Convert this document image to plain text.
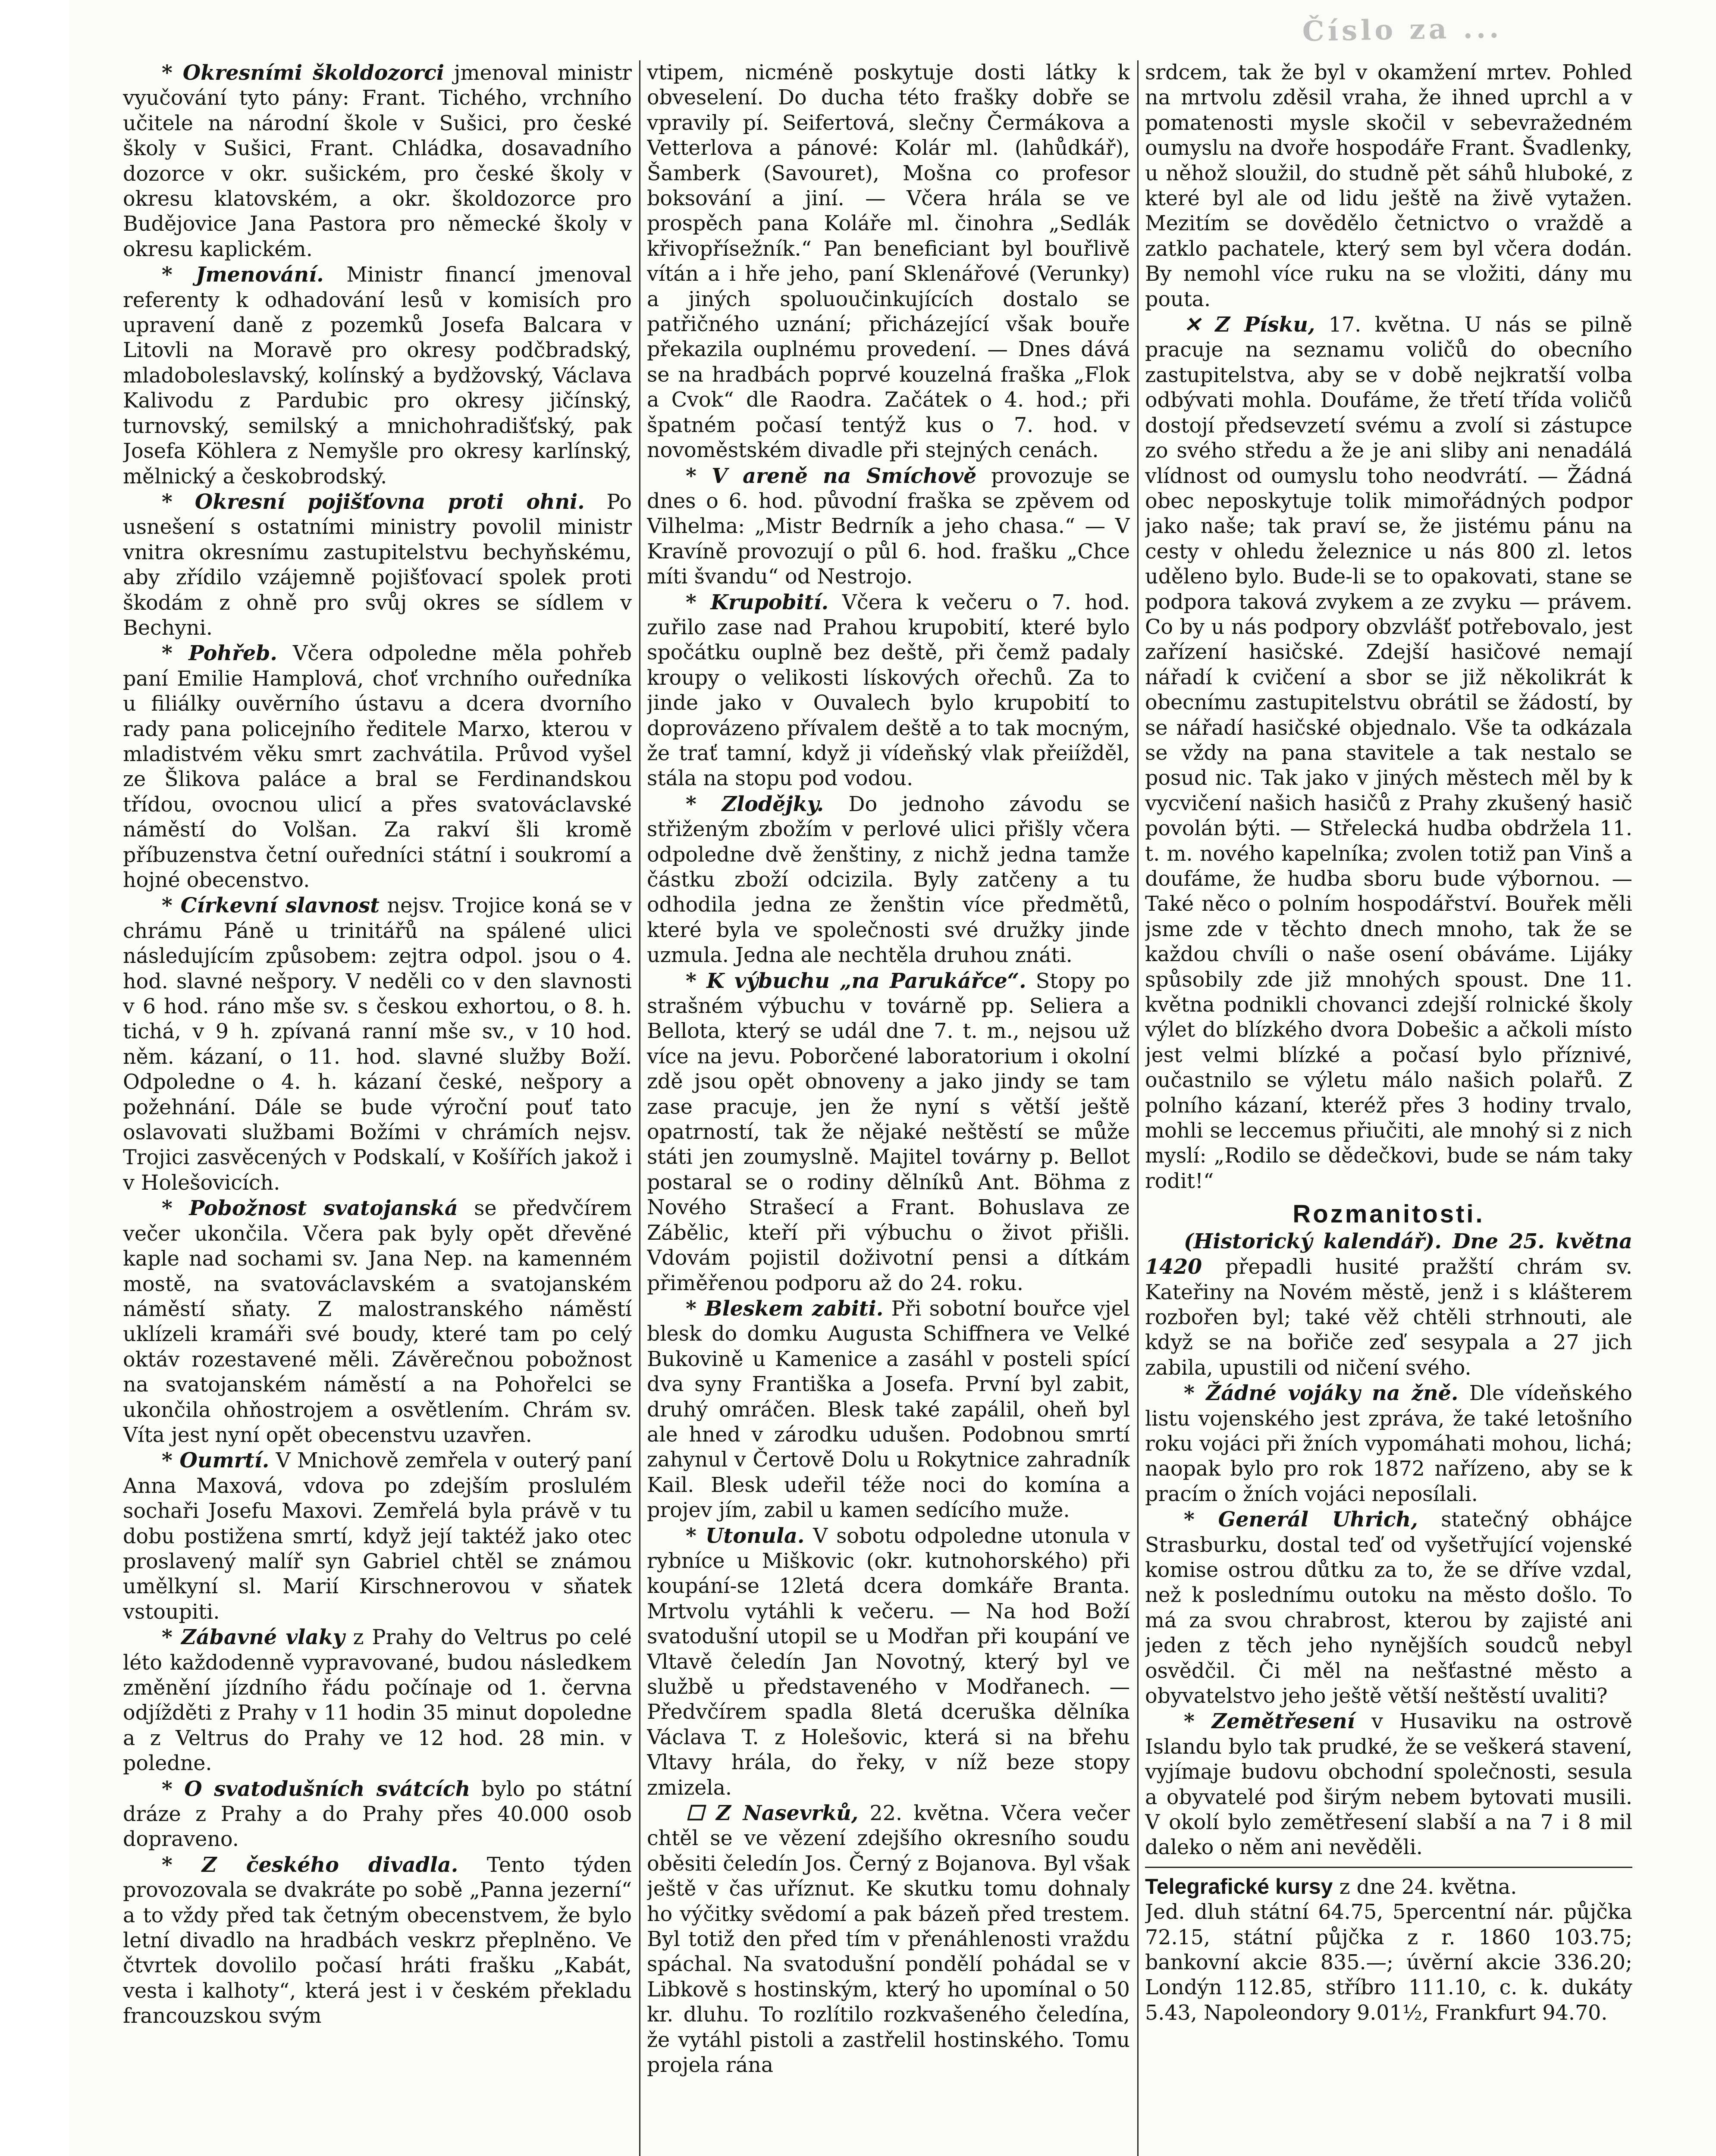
Číslo za ...

* Okresními školdozorci jmenoval ministr vyučování tyto pány: Frant. Tichého, vrchního učitele na národní škole v Sušici, pro české školy v Sušici, Frant. Chládka, dosavadního dozorce v okr. sušickém, pro české školy v okresu klatovském, a okr. školdozorce pro Budějovice Jana Pastora pro německé školy v okresu kaplickém.

* Jmenování. Ministr financí jmenoval referenty k odhadování lesů v komisích pro upravení daně z pozemků Josefa Balcara v Litovli na Moravě pro okresy podčbradský, mladoboleslavský, kolínský a bydžovský, Václava Kalivodu z Pardubic pro okresy jičínský, turnovský, semilský a mnichohradišťský, pak Josefa Köhlera z Nemyšle pro okresy karlínský, mělnický a českobrodský.

* Okresní pojišťovna proti ohni. Po usnešení s ostatními ministry povolil ministr vnitra okresnímu zastupitelstvu bechyňskému, aby zřídilo vzájemně pojišťovací spolek proti škodám z ohně pro svůj okres se sídlem v Bechyni.

* Pohřeb. Včera odpoledne měla pohřeb paní Emilie Hamplová, choť vrchního ouředníka u filiálky ouvěrního ústavu a dcera dvorního rady pana policejního ředitele Marxo, kterou v mladistvém věku smrt zachvátila. Průvod vyšel ze Šlikova paláce a bral se Ferdinandskou třídou, ovocnou ulicí a přes svatováclavské náměstí do Volšan. Za rakví šli kromě příbuzenstva četní ouředníci státní i soukromí a hojné obecenstvo.

* Církevní slavnost nejsv. Trojice koná se v chrámu Páně u trinitářů na spálené ulici následujícím způsobem: zejtra odpol. jsou o 4. hod. slavné nešpory. V neděli co v den slavnosti v 6 hod. ráno mše sv. s českou exhortou, o 8. h. tichá, v 9 h. zpívaná ranní mše sv., v 10 hod. něm. kázaní, o 11. hod. slavné služby Boží. Odpoledne o 4. h. kázaní české, nešpory a požehnání. Dále se bude výroční pouť tato oslavovati službami Božími v chrámích nejsv. Trojici zasvěcených v Podskalí, v Košířích jakož i v Holešovicích.

* Pobožnost svatojanská se předvčírem večer ukončila. Včera pak byly opět dřevěné kaple nad sochami sv. Jana Nep. na kamenném mostě, na svatováclavském a svatojanském náměstí sňaty. Z malostranského náměstí uklízeli kramáři své boudy, které tam po celý oktáv rozestavené měli. Závěrečnou pobožnost na svatojanském náměstí a na Pohořelci se ukončila ohňostrojem a osvětlením. Chrám sv. Víta jest nyní opět obecenstvu uzavřen.

* Oumrtí. V Mnichově zemřela v outerý paní Anna Maxová, vdova po zdejším proslulém sochaři Josefu Maxovi. Zemřelá byla právě v tu dobu postižena smrtí, když její taktéž jako otec proslavený malíř syn Gabriel chtěl se známou umělkyní sl. Marií Kirschnerovou v sňatek vstoupiti.

* Zábavné vlaky z Prahy do Veltrus po celé léto každodenně vypravované, budou následkem změnění jízdního řádu počínaje od 1. června odjížděti z Prahy v 11 hodin 35 minut dopoledne a z Veltrus do Prahy ve 12 hod. 28 min. v poledne.

* O svatodušních svátcích bylo po státní dráze z Prahy a do Prahy přes 40.000 osob dopraveno.

* Z českého divadla. Tento týden provozovala se dvakráte po sobě „Panna jezerní“ a to vždy před tak četným obecenstvem, že bylo letní divadlo na hradbách veskrz přeplněno. Ve čtvrtek dovolilo počasí hráti frašku „Kabát, vesta i kalhoty“, která jest i v českém překladu francouzskou svým

vtipem, nicméně poskytuje dosti látky k obveselení. Do ducha této frašky dobře se vpravily pí. Seifertová, slečny Čermákova a Vetterlova a pánové: Kolár ml. (lahůdkář), Šamberk (Savouret), Mošna co profesor boksování a jiní. — Včera hrála se ve prospěch pana Koláře ml. činohra „Sedlák křivopřísežník.“ Pan beneficiant byl bouřlivě vítán a i hře jeho, paní Sklenářové (Verunky) a jiných spoluoučinkujících dostalo se patřičného uznání; přicházející však bouře překazila ouplnému provedení. — Dnes dává se na hradbách poprvé kouzelná fraška „Flok a Cvok“ dle Raodra. Začátek o 4. hod.; při špatném počasí tentýž kus o 7. hod. v novoměstském divadle při stejných cenách.

* V areně na Smíchově provozuje se dnes o 6. hod. původní fraška se zpěvem od Vilhelma: „Mistr Bedrník a jeho chasa.“ — V Kravíně provozují o půl 6. hod. frašku „Chce míti švandu“ od Nestrojo.

* Krupobití. Včera k večeru o 7. hod. zuřilo zase nad Prahou krupobití, které bylo spočátku ouplně bez deště, při čemž padaly kroupy o velikosti lískových ořechů. Za to jinde jako v Ouvalech bylo krupobití to doprovázeno přívalem deště a to tak mocným, že trať tamní, když ji vídeňský vlak přeiížděl, stála na stopu pod vodou.

* Zlodějky. Do jednoho závodu se střiženým zbožím v perlové ulici přišly včera odpoledne dvě ženštiny, z nichž jedna tamže částku zboží odcizila. Byly zatčeny a tu odhodila jedna ze ženštin více předmětů, které byla ve společnosti své družky jinde uzmula. Jedna ale nechtěla druhou znáti.

* K výbuchu „na Parukářce“. Stopy po strašném výbuchu v továrně pp. Seliera a Bellota, který se udál dne 7. t. m., nejsou už více na jevu. Poborčené laboratorium i okolní zdě jsou opět obnoveny a jako jindy se tam zase pracuje, jen že nyní s větší ještě opatrností, tak že nějaké neštěstí se může státi jen zoumyslně. Majitel továrny p. Bellot postaral se o rodiny dělníků Ant. Böhma z Nového Strašecí a Frant. Bohuslava ze Zábělic, kteří při výbuchu o život přišli. Vdovám pojistil doživotní pensi a dítkám přiměřenou podporu až do 24. roku.

* Bleskem zabiti. Při sobotní bouřce vjel blesk do domku Augusta Schiffnera ve Velké Bukovině u Kamenice a zasáhl v posteli spící dva syny Františka a Josefa. První byl zabit, druhý omráčen. Blesk také zapálil, oheň byl ale hned v zárodku udušen. Podobnou smrtí zahynul v Čertově Dolu u Rokytnice zahradník Kail. Blesk udeřil téže noci do komína a projev jím, zabil u kamen sedícího muže.

* Utonula. V sobotu odpoledne utonula v rybníce u Miškovic (okr. kutnohorského) při koupání-se 12letá dcera domkáře Branta. Mrtvolu vytáhli k večeru. — Na hod Boží svatodušní utopil se u Modřan při koupání ve Vltavě čeledín Jan Novotný, který byl ve službě u představeného v Modřanech. — Předvčírem spadla 8letá dceruška dělníka Václava T. z Holešovic, která si na břehu Vltavy hrála, do řeky, v níž beze stopy zmizela.

☐ Z Nasevrků, 22. května. Včera večer chtěl se ve vězení zdejšího okresního soudu oběsiti čeledín Jos. Černý z Bojanova. Byl však ještě v čas uříznut. Ke skutku tomu dohnaly ho výčitky svědomí a pak bázeň před trestem. Byl totiž den před tím v přenáhlenosti vraždu spáchal. Na svatodušní pondělí pohádal se v Libkově s hostinským, který ho upomínal o 50 kr. dluhu. To rozlítilo rozkvašeného čeledína, že vytáhl pistoli a zastřelil hostinského. Tomu projela rána

srdcem, tak že byl v okamžení mrtev. Pohled na mrtvolu zděsil vraha, že ihned uprchl a v pomatenosti mysle skočil v sebevražedném oumyslu na dvoře hospodáře Frant. Švadlenky, u něhož sloužil, do studně pět sáhů hluboké, z které byl ale od lidu ještě na živě vytažen. Mezitím se dovědělo četnictvo o vraždě a zatklo pachatele, který sem byl včera dodán. By nemohl více ruku na se vložiti, dány mu pouta.

✕ Z Písku, 17. května. U nás se pilně pracuje na seznamu voličů do obecního zastupitelstva, aby se v době nejkratší volba odbývati mohla. Doufáme, že třetí třída voličů dostojí předsevzetí svému a zvolí si zástupce zo svého středu a že je ani sliby ani nenadálá vlídnost od oumyslu toho neodvrátí. — Žádná obec neposkytuje tolik mimořádných podpor jako naše; tak praví se, že jistému pánu na cesty v ohledu železnice u nás 800 zl. letos uděleno bylo. Bude-li se to opakovati, stane se podpora taková zvykem a ze zvyku — právem. Co by u nás podpory obzvlášť potřebovalo, jest zařízení hasičské. Zdejší hasičové nemají nářadí k cvičení a sbor se již několikrát k obecnímu zastupitelstvu obrátil se žádostí, by se nářadí hasičské objednalo. Vše ta odkázala se vždy na pana stavitele a tak nestalo se posud nic. Tak jako v jiných městech měl by k vycvičení našich hasičů z Prahy zkušený hasič povolán býti. — Střelecká hudba obdržela 11. t. m. nového kapelníka; zvolen totiž pan Vinš a doufáme, že hudba sboru bude výbornou. — Také něco o polním hospodářství. Bouřek měli jsme zde v těchto dnech mnoho, tak že se každou chvíli o naše osení obáváme. Lijáky spůsobily zde již mnohých spoust. Dne 11. května podnikli chovanci zdejší rolnické školy výlet do blízkého dvora Dobešic a ačkoli místo jest velmi blízké a počasí bylo příznivé, oučastnilo se výletu málo našich polařů. Z polního kázaní, kteréž přes 3 hodiny trvalo, mohli se leccemus přiučiti, ale mnohý si z nich myslí: „Rodilo se dědečkovi, bude se nám taky rodit!“

Rozmanitosti.

(Historický kalendář). Dne 25. května 1420 přepadli husité pražští chrám sv. Kateřiny na Novém městě, jenž i s klášterem rozbořen byl; také věž chtěli strhnouti, ale když se na bořiče zeď sesypala a 27 jich zabila, upustili od ničení svého.

* Žádné vojáky na žně. Dle vídeňského listu vojenského jest zpráva, že také letošního roku vojáci při žních vypomáhati mohou, lichá; naopak bylo pro rok 1872 nařízeno, aby se k pracím o žních vojáci neposílali.

* Generál Uhrich, statečný obhájce Strasburku, dostal teď od vyšetřující vojenské komise ostrou důtku za to, že se dříve vzdal, než k poslednímu outoku na město došlo. To má za svou chrabrost, kterou by zajisté ani jeden z těch jeho nynějších soudců nebyl osvědčil. Či měl na nešťastné město a obyvatelstvo jeho ještě větší neštěstí uvaliti?

* Zemětřesení v Husaviku na ostrově Islandu bylo tak prudké, že se veškerá stavení, vyjímaje budovu obchodní společnosti, sesula a obyvatelé pod širým nebem bytovati musili. V okolí bylo zemětřesení slabší a na 7 i 8 mil daleko o něm ani nevěděli.

Telegrafické kursy z dne 24. května.
Jed. dluh státní 64.75, 5percentní nár. půjčka 72.15, státní půjčka z r. 1860 103.75; bankovní akcie 835.—; úvěrní akcie 336.20; Londýn 112.85, stříbro 111.10, c. k. dukáty 5.43, Napoleondory 9.01½, Frankfurt 94.70.
